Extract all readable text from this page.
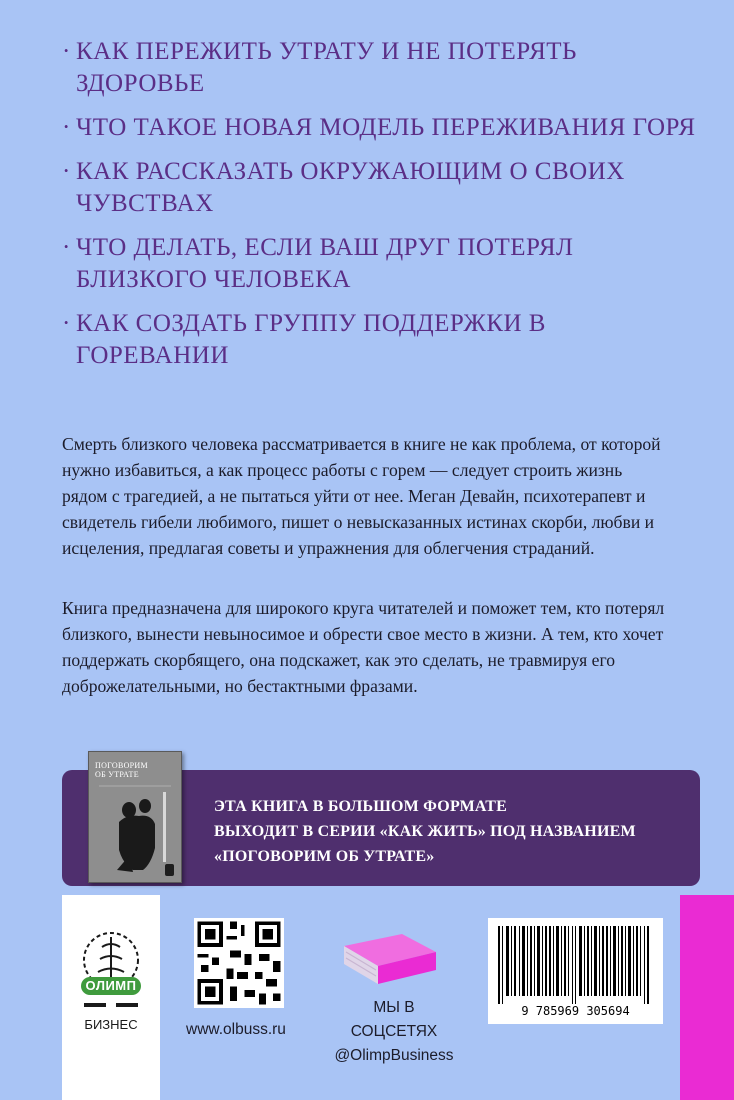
· КАК ПЕРЕЖИТЬ УТРАТУ И НЕ ПОТЕРЯТЬ ЗДОРОВЬЕ
· ЧТО ТАКОЕ НОВАЯ МОДЕЛЬ ПЕРЕЖИВАНИЯ ГОРЯ
· КАК РАССКАЗАТЬ ОКРУЖАЮЩИМ О СВОИХ ЧУВСТВАХ
· ЧТО ДЕЛАТЬ, ЕСЛИ ВАШ ДРУГ ПОТЕРЯЛ БЛИЗКОГО ЧЕЛОВЕКА
· КАК СОЗДАТЬ ГРУППУ ПОДДЕРЖКИ В ГОРЕВАНИИ
Смерть близкого человека рассматривается в книге не как проблема, от которой нужно избавиться, а как процесс работы с горем — следует строить жизнь рядом с трагедией, а не пытаться уйти от нее. Меган Девайн, психотерапевт и свидетель гибели любимого, пишет о невысказанных истинах скорби, любви и исцеления, предлагая советы и упражнения для облегчения страданий.
Книга предназначена для широкого круга читателей и поможет тем, кто потерял близкого, вынести невыносимое и обрести свое место в жизни. А тем, кто хочет поддержать скорбящего, она подскажет, как это сделать, не травмируя его доброжелательными, но бестактными фразами.
ЭТА КНИГА В БОЛЬШОМ ФОРМАТЕ
ВЫХОДИТ В СЕРИИ «КАК ЖИТЬ» ПОД НАЗВАНИЕМ
«ПОГОВОРИМ ОБ УТРАТЕ»
ПОГОВОРИМ
ОБ УТРАТЕ
ОЛИМП
БИЗНЕС	www.olbuss.ru
МЫ В СОЦСЕТЯХ
@OlimpBusiness
9 785969 305694
